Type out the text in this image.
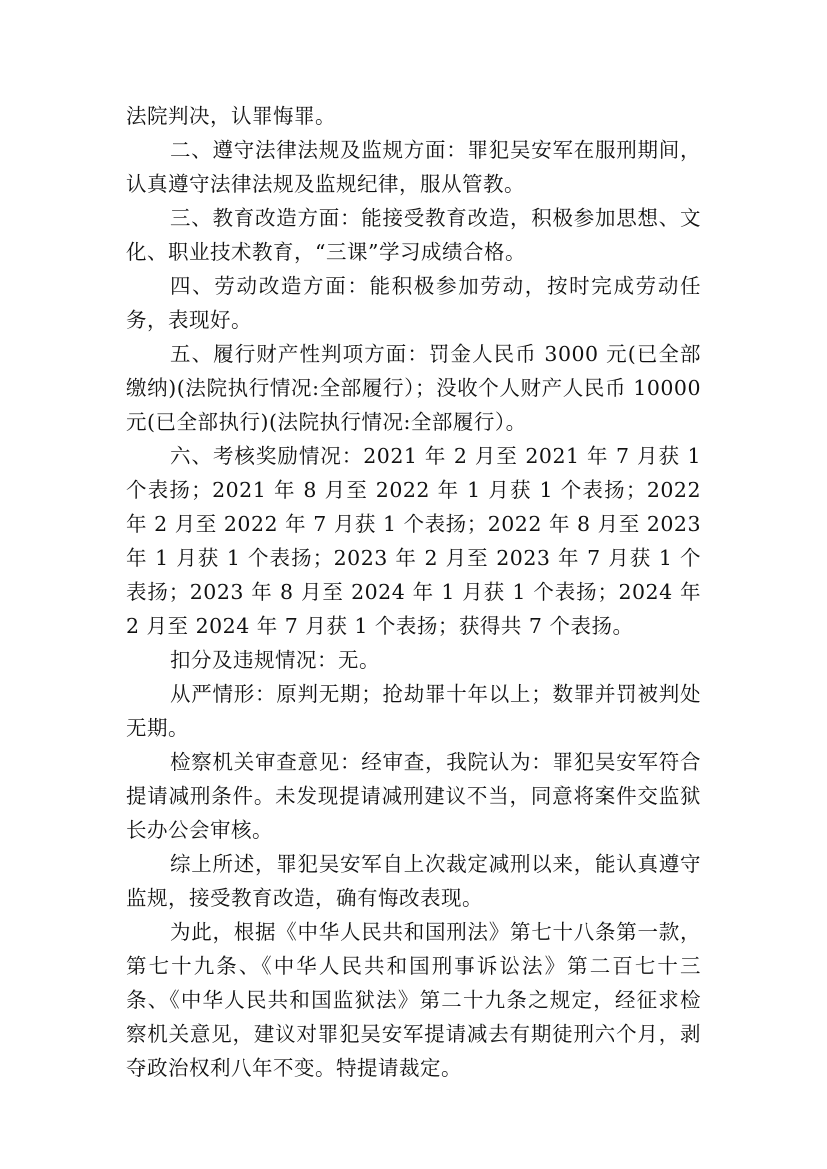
法院判决，认罪悔罪。

二、遵守法律法规及监规方面：罪犯吴安军在服刑期间，认真遵守法律法规及监规纪律，服从管教。

三、教育改造方面：能接受教育改造，积极参加思想、文化、职业技术教育，“三课”学习成绩合格。

四、劳动改造方面：能积极参加劳动，按时完成劳动任务，表现好。

五、履行财产性判项方面：罚金人民币 3000 元(已全部缴纳)(法院执行情况:全部履行）；没收个人财产人民币 10000 元(已全部执行)(法院执行情况:全部履行）。

六、考核奖励情况：2021 年 2 月至 2021 年 7 月获 1 个表扬；2021 年 8 月至 2022 年 1 月获 1 个表扬；2022 年 2 月至 2022 年 7 月获 1 个表扬；2022 年 8 月至 2023 年 1 月获 1 个表扬；2023 年 2 月至 2023 年 7 月获 1 个表扬；2023 年 8 月至 2024 年 1 月获 1 个表扬；2024 年 2 月至 2024 年 7 月获 1 个表扬；获得共 7 个表扬。

扣分及违规情况：无。

从严情形：原判无期；抢劫罪十年以上；数罪并罚被判处无期。

检察机关审查意见：经审查，我院认为：罪犯吴安军符合提请减刑条件。未发现提请减刑建议不当，同意将案件交监狱长办公会审核。

综上所述，罪犯吴安军自上次裁定减刑以来，能认真遵守监规，接受教育改造，确有悔改表现。

为此，根据《中华人民共和国刑法》第七十八条第一款，第七十九条、《中华人民共和国刑事诉讼法》第二百七十三条、《中华人民共和国监狱法》第二十九条之规定，经征求检察机关意见，建议对罪犯吴安军提请减去有期徒刑六个月，剥夺政治权利八年不变。特提请裁定。
